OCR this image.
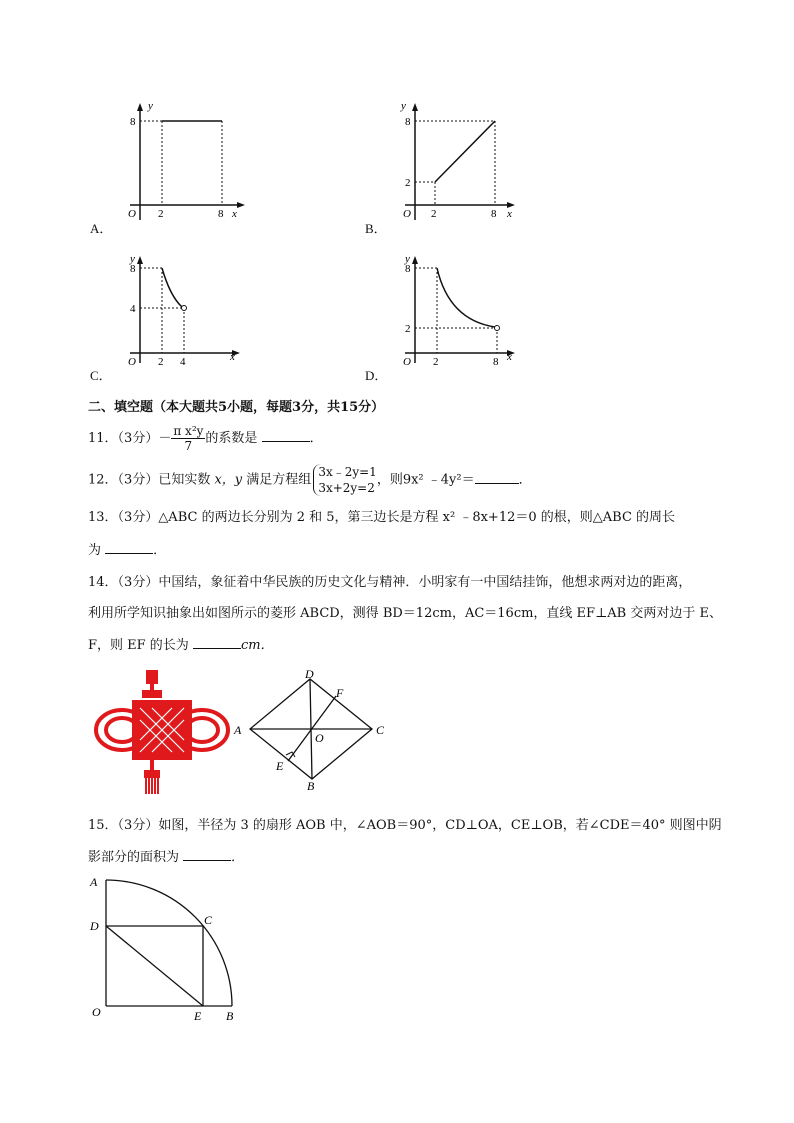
y
8
O 2	8 x
A．
y
8
2
O 2	8 x
B．
y
8
4
O 2 4	x
C．
y
8
2
O 2	8 x
D．
二、填空题（本大题共5小题，每题3分，共15分）
11．（3分）－ $\frac{\text{π x²y}}{7}$ 的系数是	．
12．（3分）已知实数 x，y 满足方程组
3x﹣2y=1
3x+2y=2
，则9x² ﹣4y²＝	．
13．（3分）△ABC 的两边长分别为 2 和 5，第三边长是方程 x² ﹣8x+12＝0 的根，则△ABC 的周长
为	．
14．（3分）中国结，象征着中华民族的历史文化与精神．小明家有一中国结挂饰，他想求两对边的距离，
利用所学知识抽象出如图所示的菱形 ABCD，测得 BD＝12cm，AC＝16cm，直线 EF⊥AB 交两对边于 E、
F，则 EF 的长为	cm．
A
D
C
B
E
F
O
15．（3分）如图，半径为 3 的扇形 AOB 中，∠AOB＝90°，CD⊥OA，CE⊥OB，若∠CDE＝40° 则图中阴
影部分的面积为	．
A
D	C
O	E B
